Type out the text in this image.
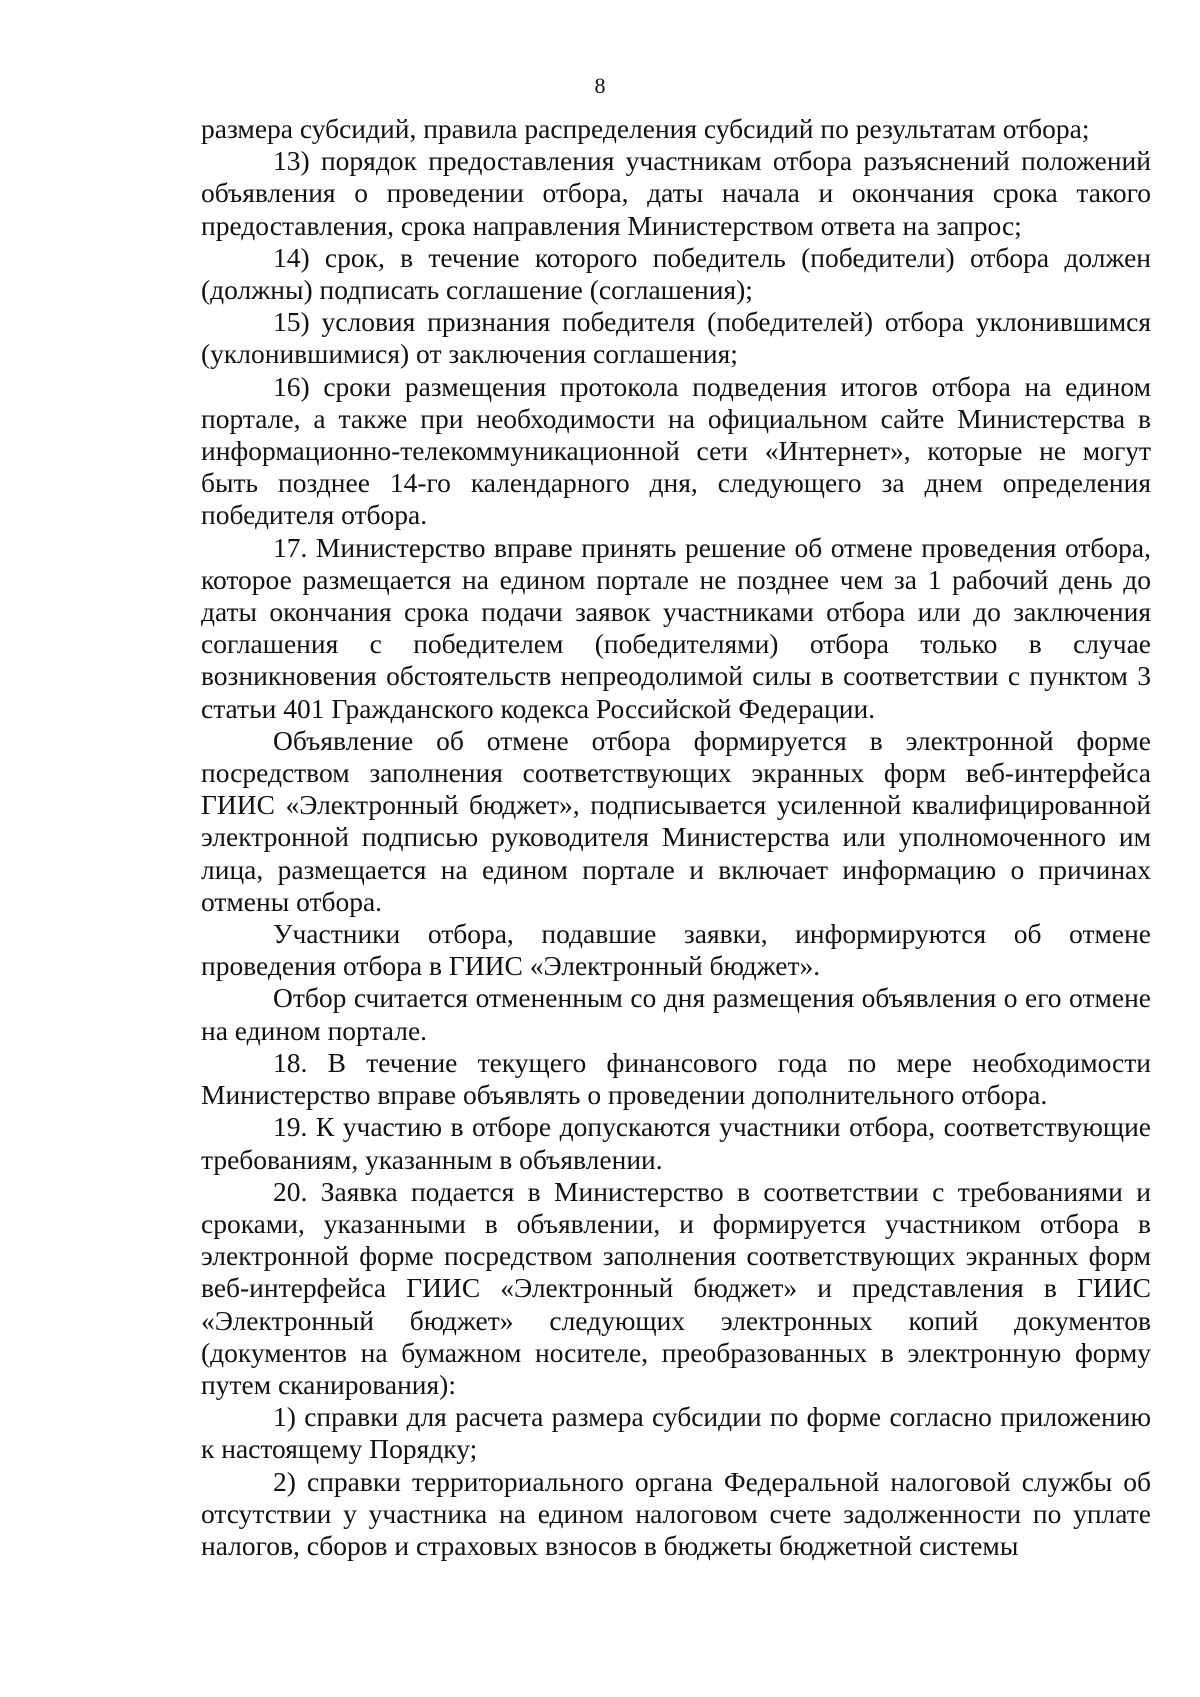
8

размера субсидий, правила распределения субсидий по результатам отбора;

13) порядок предоставления участникам отбора разъяснений положений объявления о проведении отбора, даты начала и окончания срока такого предоставления, срока направления Министерством ответа на запрос;

14) срок, в течение которого победитель (победители) отбора должен (должны) подписать соглашение (соглашения);

15) условия признания победителя (победителей) отбора уклонившимся (уклонившимися) от заключения соглашения;

16) сроки размещения протокола подведения итогов отбора на едином портале, а также при необходимости на официальном сайте Министерства в информационно-телекоммуникационной сети «Интернет», которые не могут быть позднее 14-го календарного дня, следующего за днем определения победителя отбора.

17. Министерство вправе принять решение об отмене проведения отбора, которое размещается на едином портале не позднее чем за 1 рабочий день до даты окончания срока подачи заявок участниками отбора или до заключения соглашения с победителем (победителями) отбора только в случае возникновения обстоятельств непреодолимой силы в соответствии с пунктом 3 статьи 401 Гражданского кодекса Российской Федерации.

Объявление об отмене отбора формируется в электронной форме посредством заполнения соответствующих экранных форм веб-интерфейса ГИИС «Электронный бюджет», подписывается усиленной квалифицированной электронной подписью руководителя Министерства или уполномоченного им лица, размещается на едином портале и включает информацию о причинах отмены отбора.

Участники отбора, подавшие заявки, информируются об отмене проведения отбора в ГИИС «Электронный бюджет».

Отбор считается отмененным со дня размещения объявления о его отмене на едином портале.

18. В течение текущего финансового года по мере необходимости Министерство вправе объявлять о проведении дополнительного отбора.

19. К участию в отборе допускаются участники отбора, соответствующие требованиям, указанным в объявлении.

20. Заявка подается в Министерство в соответствии с требованиями и сроками, указанными в объявлении, и формируется участником отбора в электронной форме посредством заполнения соответствующих экранных форм веб-интерфейса ГИИС «Электронный бюджет» и представления в ГИИС «Электронный бюджет» следующих электронных копий документов (документов на бумажном носителе, преобразованных в электронную форму путем сканирования):

1) справки для расчета размера субсидии по форме согласно приложению к настоящему Порядку;

2) справки территориального органа Федеральной налоговой службы об отсутствии у участника на едином налоговом счете задолженности по уплате налогов, сборов и страховых взносов в бюджеты бюджетной системы
